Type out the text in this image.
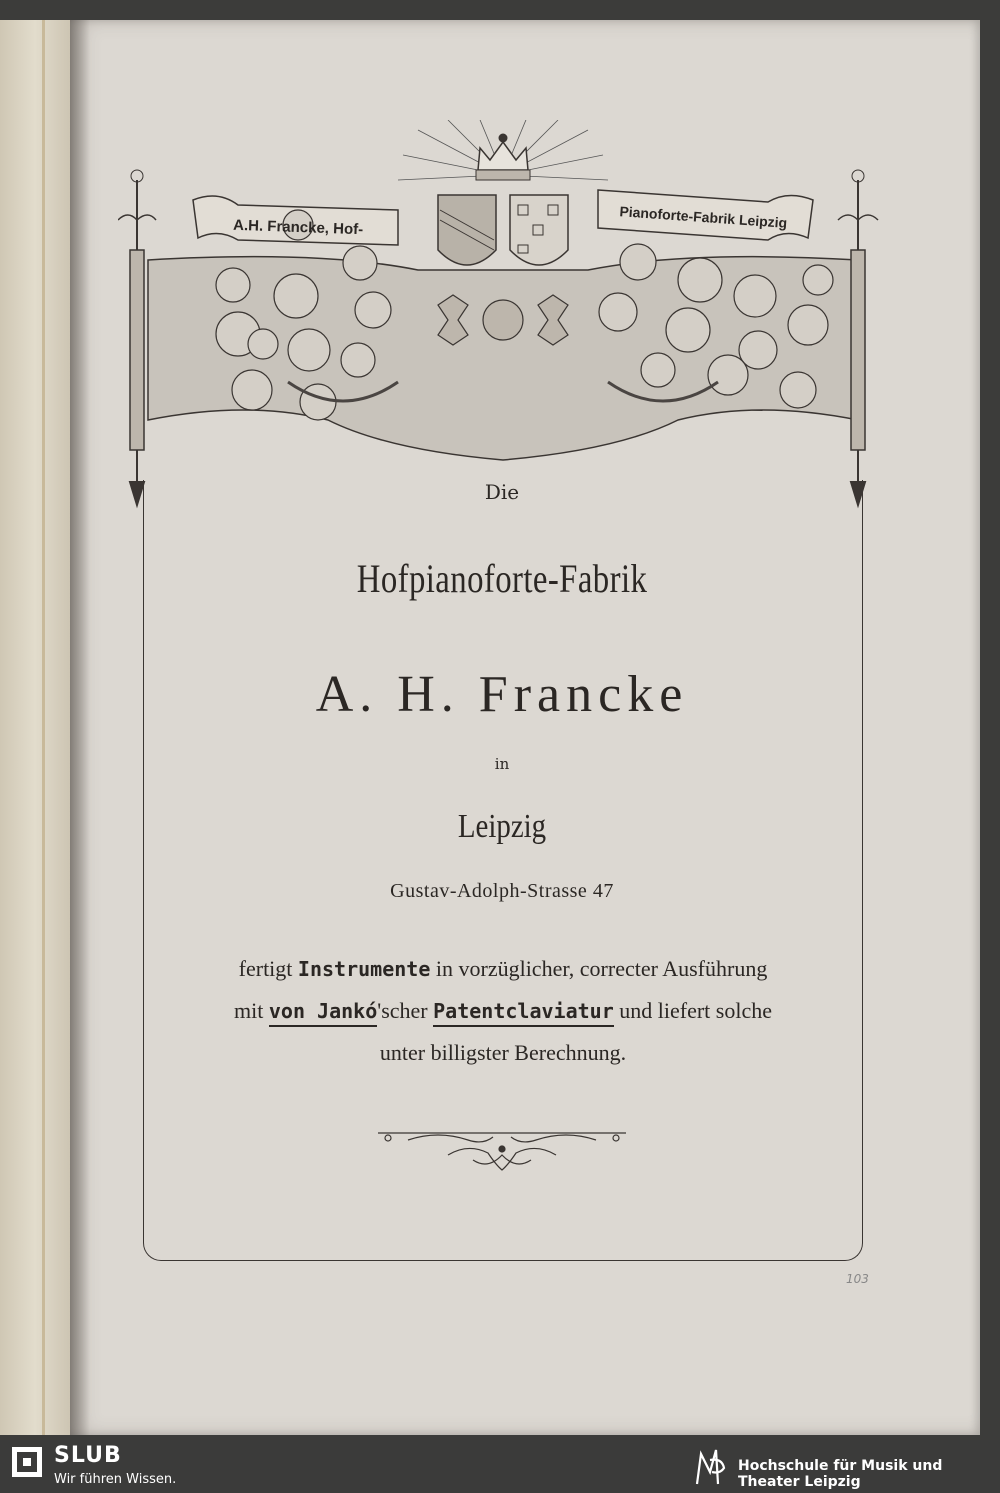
A.H. Francke, Hof-	Pianoforte-Fabrik Leipzig
Die
Hofpianoforte-Fabrik
A. H. Francke
in
Leipzig
Gustav-Adolph-Strasse 47
fertigt Instrumente in vorzüglicher, correcter Ausführung
mit von Jankó'scher Patentclaviatur und liefert solche
unter billigster Berechnung.
103
SLUB
Wir führen Wissen.
Hochschule für Musik und Theater Leipzig
